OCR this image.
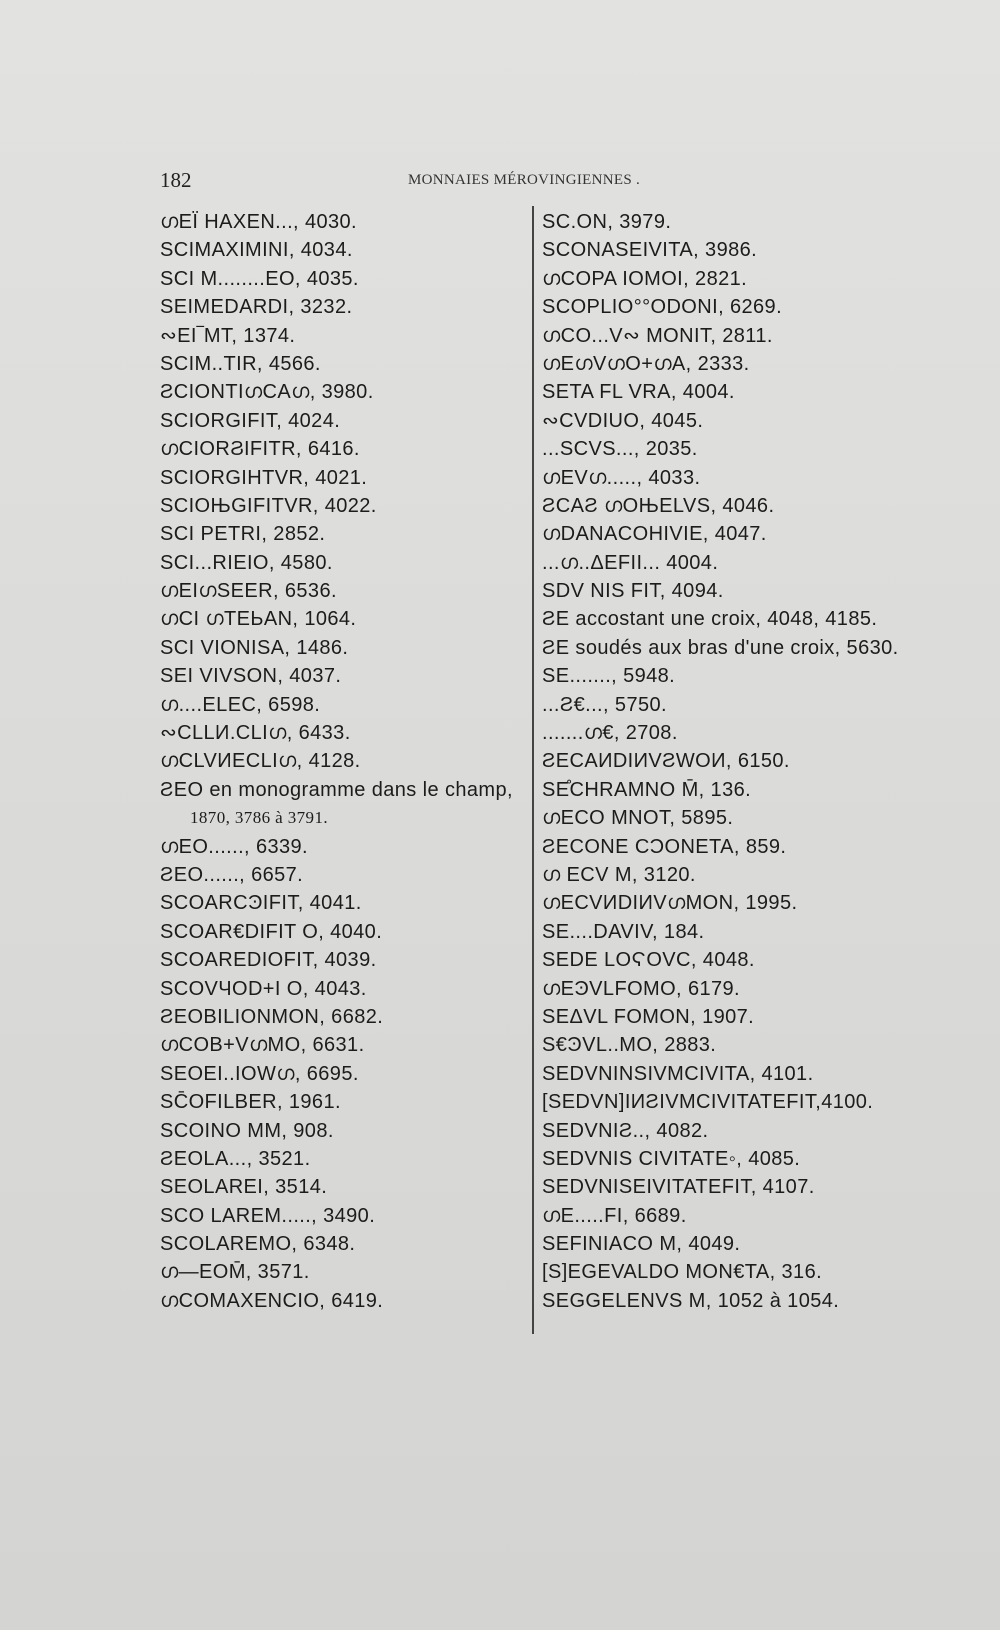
182	MONNAIES MÉROVINGIENNES .
ഗΕΪ ΗΑXEN..., 4030.
SCIMAXIMINI, 4034.
SCI M........ΕΟ, 4035.
SΕIMEDARDI, 3232.
∾ΕΙ‾ΜΤ, 1374.
SCIM..TIR, 4566.
ƧCIONTIഗCAഗ, 3980.
SCIORGIFIT, 4024.
ഗCIORϨIFITR, 6416.
SCIORGIHTVR, 4021.
SCIOЊGIFITVR, 4022.
SCI PETRI, 2852.
SCI...RIΕIO, 4580.
ഗΕIഗSΕΕR, 6536.
ഗCI ഗTEЬAN, 1064.
SCI VIONISA, 1486.
SΕI VIVSON, 4037.
ഗ....ELEC, 6598.
∾CLLИ.CLIഗ, 6433.
ഗCLVИECLIഗ, 4128.
ƧΕO en monogramme dans le champ,
1870, 3786 à 3791.
ഗΕO......, 6339.
ƧΕO......, 6657.
SCOARCϿIFIT, 4041.
SCOAR€DIFIT O, 4040.
SCOAREDIOFIT, 4039.
SCOVЧOD+I O, 4043.
ƧΕOBILIONMON, 6682.
ഗCOB+VഗMO, 6631.
SΕOΕI..IOWഗ, 6695.
SC̄OFILBER, 1961.
SCOINO MM, 908.
ƧΕOLA..., 3521.
SΕOLARΕI, 3514.
SCO LAREM....., 3490.
SCOLAREMO, 6348.
ഗ—ΕOM̄, 3571.
ഗCOMAXENCIO, 6419.
SC.ON, 3979.
SCONASΕIVITA, 3986.
ഗCOPA IOMOI, 2821.
SCOPLIO°°ODONI, 6269.
ഗCO...V∾ MONIT, 2811.
ഗΕഗVഗO+ഗA, 2333.
SΕTA FL VRA, 4004.
∾CVDIUO, 4045.
...SCVS..., 2035.
ഗΕVഗ....., 4033.
ƧCAƧ ഗOЊELVS, 4046.
ഗDANACOHIVIΕ, 4047.
...ഗ..ΔEFII... 4004.
SDV NIS FIT, 4094.
ƧE accostant une croix, 4048, 4185.
ƧE soudés aux bras d'une croix, 5630.
SE......., 5948.
...Ƨ€..., 5750.
.......ഗ€, 2708.
ƧECAИDIИVƧWOИ, 6150.
SЕ̊CHRAMNO M̄, 136.
ഗECO MNOT, 5895.
ƧECONE ϹϽONETA, 859.
ഗ ECV M, 3120.
ഗECVИDIИVഗMON, 1995.
SE....DAVIV, 184.
SEDE LOϚOVC, 4048.
ഗEϿVLFOMO, 6179.
SEΔVL FOMON, 1907.
S€ϿVL..MO, 2883.
SEDVNINSIVMCIVITA, 4101.
[SEDVN]IИƧIVMCIVITATEFIT,4100.
SEDVNIƧ.., 4082.
SEDVNIS CIVITATE◦, 4085.
SEDVNISΕIVITATEFIT, 4107.
ഗE.....FI, 6689.
SEFINIACO M, 4049.
[S]EGEVALDO MON€TA, 316.
SEGGELENVS M, 1052 à 1054.
